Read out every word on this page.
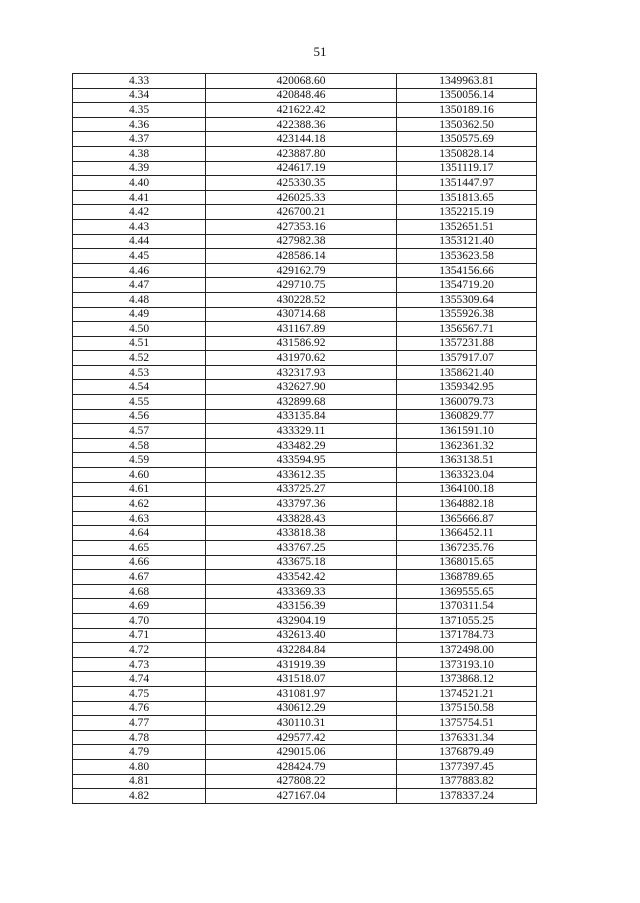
51
4.33	420068.60	1349963.81
4.34	420848.46	1350056.14
4.35	421622.42	1350189.16
4.36	422388.36	1350362.50
4.37	423144.18	1350575.69
4.38	423887.80	1350828.14
4.39	424617.19	1351119.17
4.40	425330.35	1351447.97
4.41	426025.33	1351813.65
4.42	426700.21	1352215.19
4.43	427353.16	1352651.51
4.44	427982.38	1353121.40
4.45	428586.14	1353623.58
4.46	429162.79	1354156.66
4.47	429710.75	1354719.20
4.48	430228.52	1355309.64
4.49	430714.68	1355926.38
4.50	431167.89	1356567.71
4.51	431586.92	1357231.88
4.52	431970.62	1357917.07
4.53	432317.93	1358621.40
4.54	432627.90	1359342.95
4.55	432899.68	1360079.73
4.56	433135.84	1360829.77
4.57	433329.11	1361591.10
4.58	433482.29	1362361.32
4.59	433594.95	1363138.51
4.60	433612.35	1363323.04
4.61	433725.27	1364100.18
4.62	433797.36	1364882.18
4.63	433828.43	1365666.87
4.64	433818.38	1366452.11
4.65	433767.25	1367235.76
4.66	433675.18	1368015.65
4.67	433542.42	1368789.65
4.68	433369.33	1369555.65
4.69	433156.39	1370311.54
4.70	432904.19	1371055.25
4.71	432613.40	1371784.73
4.72	432284.84	1372498.00
4.73	431919.39	1373193.10
4.74	431518.07	1373868.12
4.75	431081.97	1374521.21
4.76	430612.29	1375150.58
4.77	430110.31	1375754.51
4.78	429577.42	1376331.34
4.79	429015.06	1376879.49
4.80	428424.79	1377397.45
4.81	427808.22	1377883.82
4.82	427167.04	1378337.24
